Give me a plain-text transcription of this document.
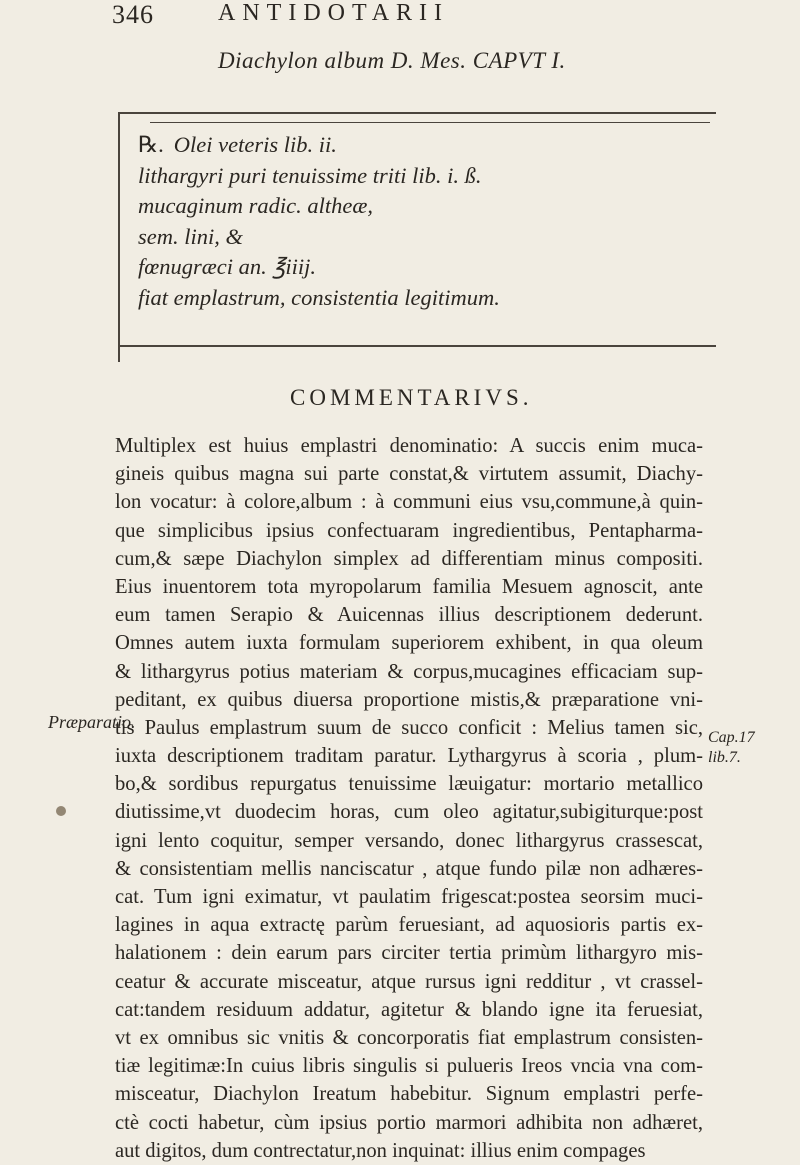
346	ANTIDOTARII
Diachylon album D. Mes. CAPVT I.
℞. Olei veteris lib. ii.
lithargyri puri tenuissime triti lib. i. ß.
mucaginum radic. altheæ,
sem. lini, &
fœnugræci an. ℥iiij.
fiat emplastrum, consistentia legitimum.
COMMENTARIVS.
Multiplex est huius emplastri denominatio: A succis enim muca-
gineis quibus magna sui parte constat,& virtutem assumit, Diachy-
lon vocatur: à colore,album : à communi eius vsu,commune,à quin-
que simplicibus ipsius confectuaram ingredientibus, Pentapharma-
cum,& sæpe Diachylon simplex ad differentiam minus compositi.
Eius inuentorem tota myropolarum familia Mesuem agnoscit, ante
eum tamen Serapio & Auicennas illius descriptionem dederunt.
Omnes autem iuxta formulam superiorem exhibent, in qua oleum
& lithargyrus potius materiam & corpus,mucagines efficaciam sup-
peditant, ex quibus diuersa proportione mistis,& præparatione vni-
tis Paulus emplastrum suum de succo conficit : Melius tamen sic,
iuxta descriptionem traditam paratur. Lythargyrus à scoria , plum-
bo,& sordibus repurgatus tenuissime læuigatur: mortario metallico
diutissime,vt duodecim horas, cum oleo agitatur,subigiturque:post
igni lento coquitur, semper versando, donec lithargyrus crassescat,
& consistentiam mellis nanciscatur , atque fundo pilæ non adhæres-
cat. Tum igni eximatur, vt paulatim frigescat:postea seorsim muci-
lagines in aqua extractę parùm feruesiant, ad aquosioris partis ex-
halationem : dein earum pars circiter tertia primùm lithargyro mis-
ceatur & accurate misceatur, atque rursus igni redditur , vt crassel-
cat:tandem residuum addatur, agitetur & blando igne ita feruesiat,
vt ex omnibus sic vnitis & concorporatis fiat emplastrum consisten-
tiæ legitimæ:In cuius libris singulis si pulueris Ireos vncia vna com-
misceatur, Diachylon Ireatum habebitur. Signum emplastri perfe-
ctè cocti habetur, cùm ipsius portio marmori adhibita non adhæret,
aut digitos, dum contrectatur,non inquinat: illius enim compages
Præparatio.
Cap.17
lib.7.
